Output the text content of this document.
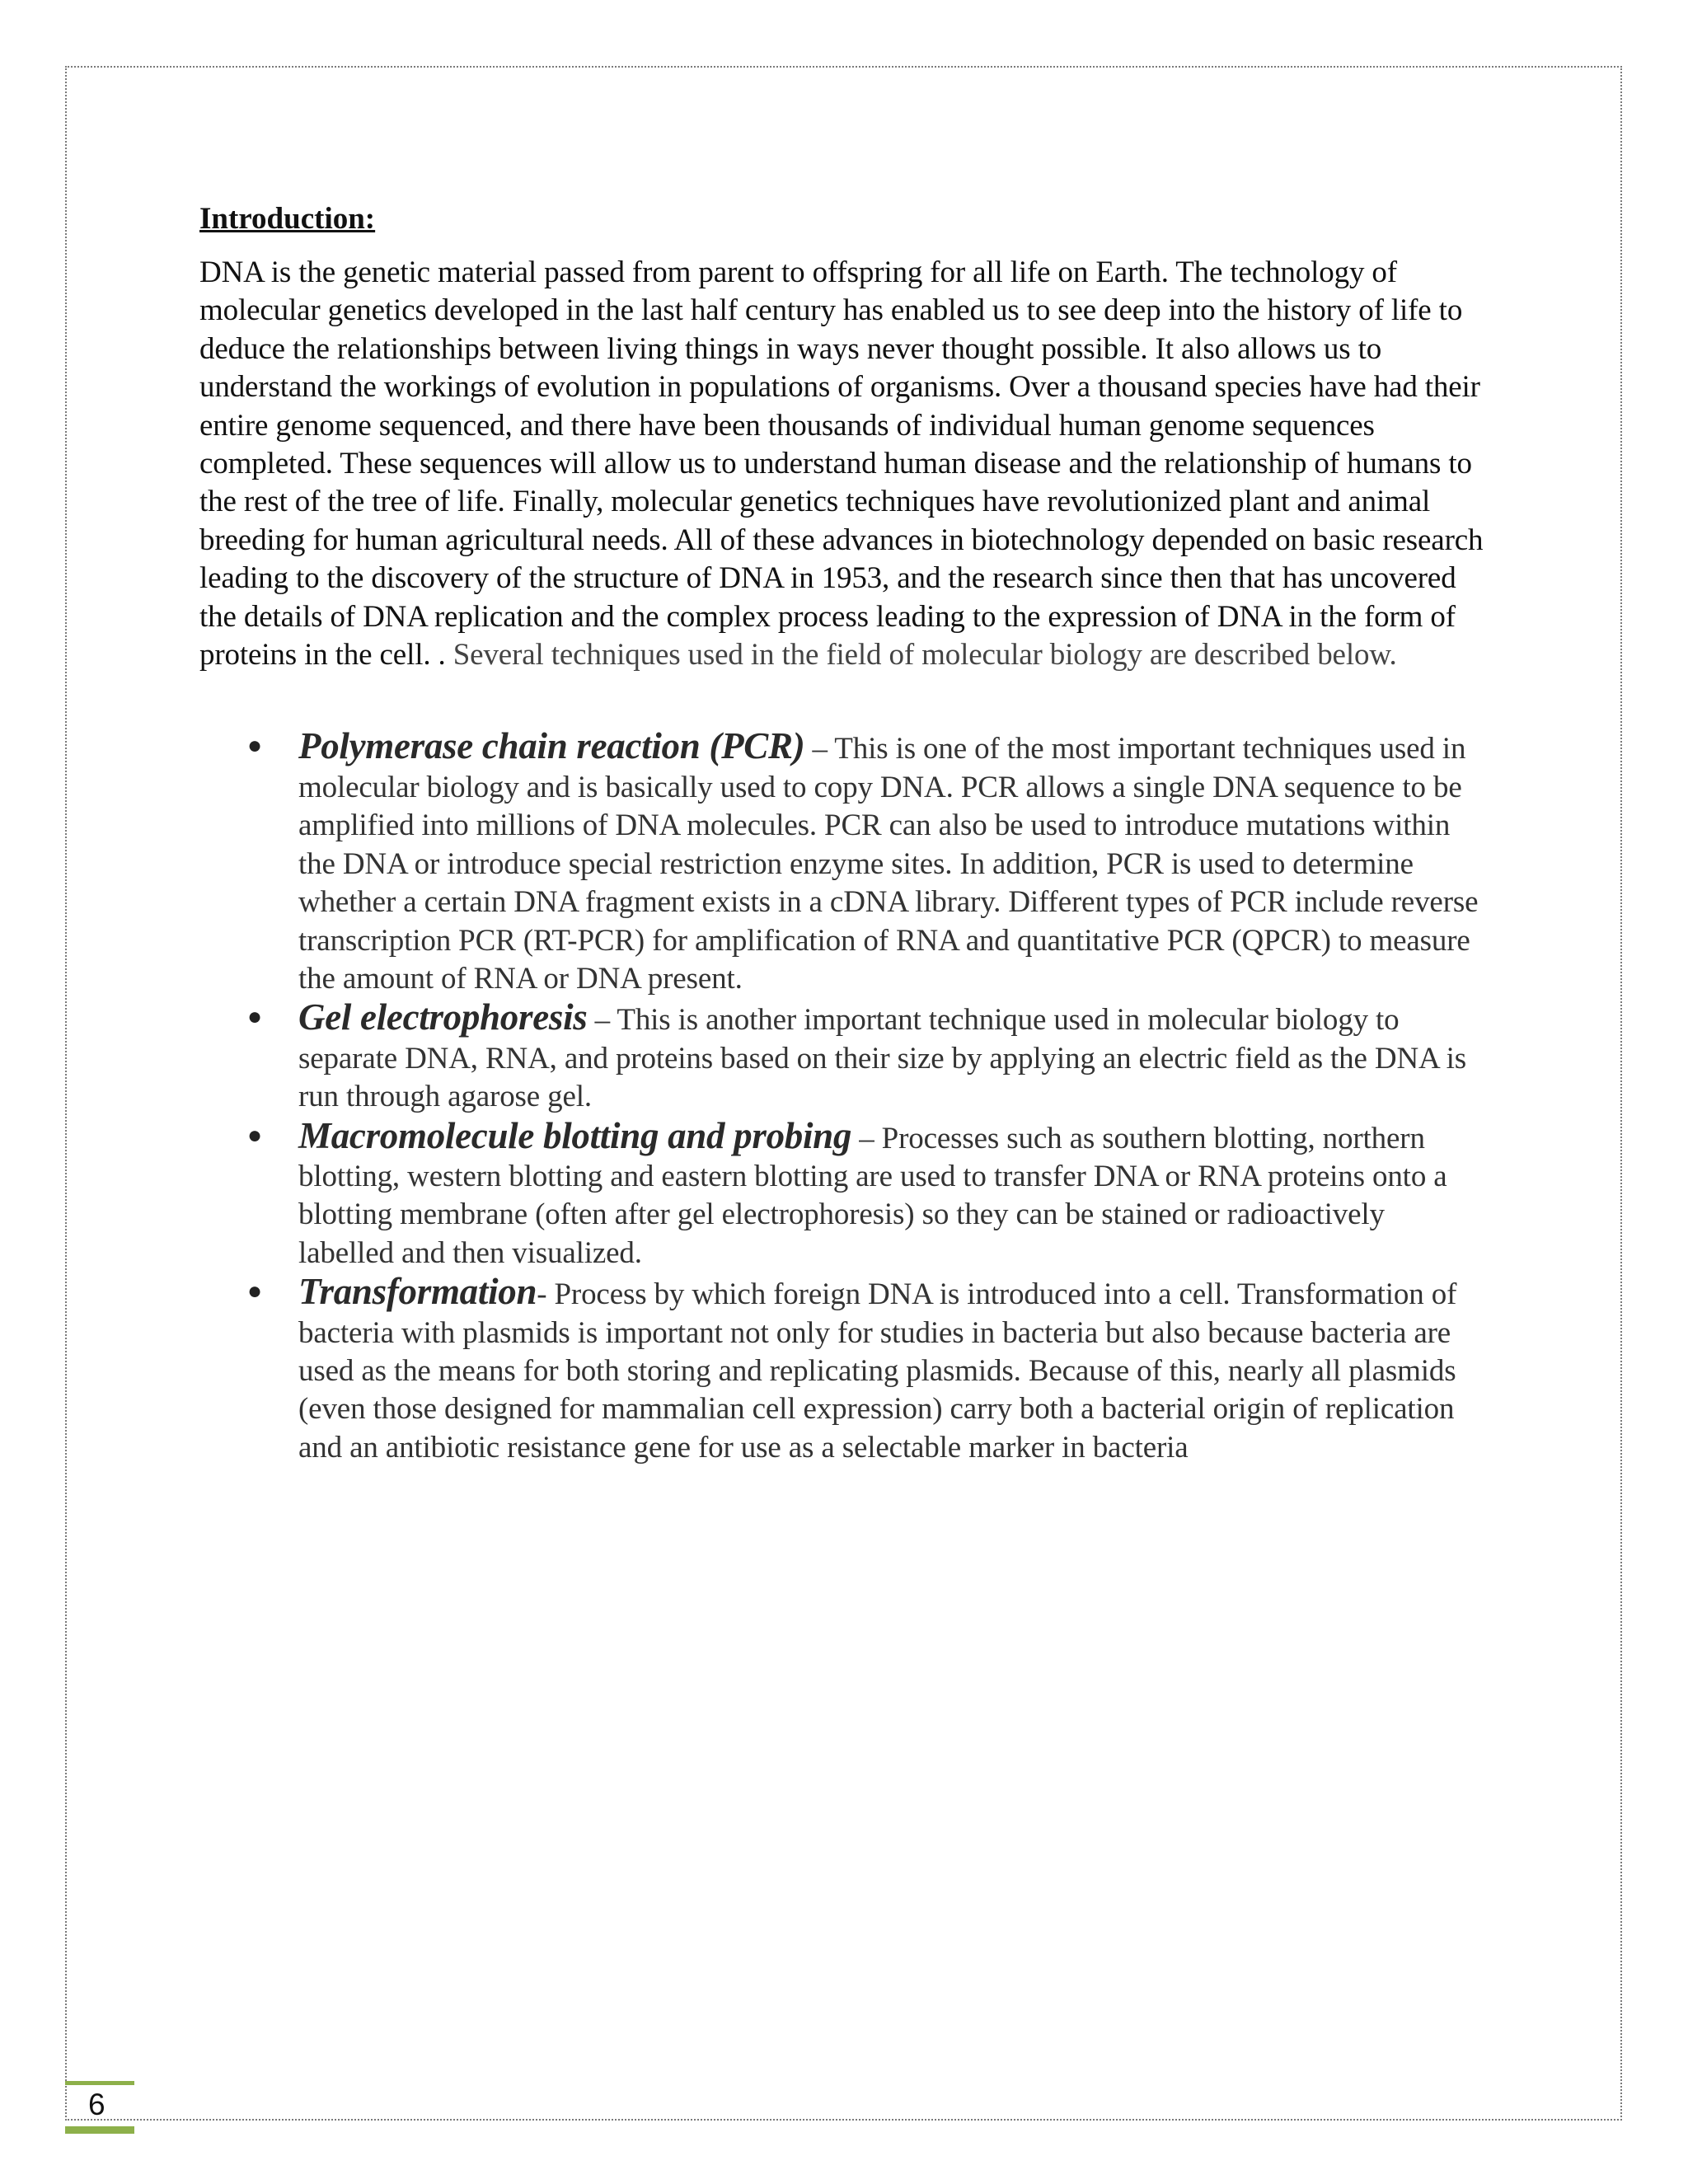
Introduction:

DNA is the genetic material passed from parent to offspring for all life on Earth. The technology of molecular genetics developed in the last half century has enabled us to see deep into the history of life to deduce the relationships between living things in ways never thought possible. It also allows us to understand the workings of evolution in populations of organisms. Over a thousand species have had their entire genome sequenced, and there have been thousands of individual human genome sequences completed. These sequences will allow us to understand human disease and the relationship of humans to the rest of the tree of life. Finally, molecular genetics techniques have revolutionized plant and animal breeding for human agricultural needs. All of these advances in biotechnology depended on basic research leading to the discovery of the structure of DNA in 1953, and the research since then that has uncovered the details of DNA replication and the complex process leading to the expression of DNA in the form of proteins in the cell. . Several techniques used in the field of molecular biology are described below.

● Polymerase chain reaction (PCR) – This is one of the most important techniques used in molecular biology and is basically used to copy DNA. PCR allows a single DNA sequence to be amplified into millions of DNA molecules. PCR can also be used to introduce mutations within the DNA or introduce special restriction enzyme sites. In addition, PCR is used to determine whether a certain DNA fragment exists in a cDNA library. Different types of PCR include reverse transcription PCR (RT-PCR) for amplification of RNA and quantitative PCR (QPCR) to measure the amount of RNA or DNA present.
● Gel electrophoresis – This is another important technique used in molecular biology to separate DNA, RNA, and proteins based on their size by applying an electric field as the DNA is run through agarose gel.
● Macromolecule blotting and probing – Processes such as southern blotting, northern blotting, western blotting and eastern blotting are used to transfer DNA or RNA proteins onto a blotting membrane (often after gel electrophoresis) so they can be stained or radioactively labelled and then visualized.
● Transformation- Process by which foreign DNA is introduced into a cell. Transformation of bacteria with plasmids is important not only for studies in bacteria but also because bacteria are used as the means for both storing and replicating plasmids. Because of this, nearly all plasmids (even those designed for mammalian cell expression) carry both a bacterial origin of replication and an antibiotic resistance gene for use as a selectable marker in bacteria
6
